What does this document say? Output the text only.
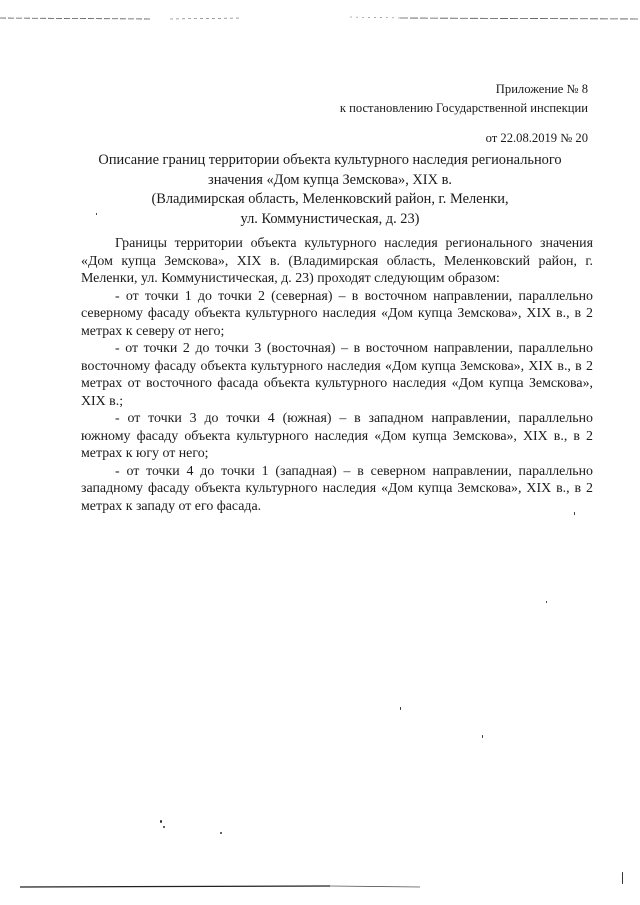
Приложение № 8
к постановлению Государственной инспекции
от 22.08.2019 № 20
Описание границ территории объекта культурного наследия регионального
значения «Дом купца Земскова», XIX в.
(Владимирская область, Меленковский район, г. Меленки,
ул. Коммунистическая, д. 23)

Границы территории объекта культурного наследия регионального значения «Дом купца Земскова», XIX в. (Владимирская область, Меленковский район, г. Меленки, ул. Коммунистическая, д. 23) проходят следующим образом:

- от точки 1 до точки 2 (северная) – в восточном направлении, параллельно северному фасаду объекта культурного наследия «Дом купца Земскова», XIX в., в 2 метрах к северу от него;

- от точки 2 до точки 3 (восточная) – в восточном направлении, параллельно восточному фасаду объекта культурного наследия «Дом купца Земскова», XIX в., в 2 метрах от восточного фасада объекта культурного наследия «Дом купца Земскова», XIX в.;

- от точки 3 до точки 4 (южная) – в западном направлении, параллельно южному фасаду объекта культурного наследия «Дом купца Земскова», XIX в., в 2 метрах к югу от него;

- от точки 4 до точки 1 (западная) – в северном направлении, параллельно западному фасаду объекта культурного наследия «Дом купца Земскова», XIX в., в 2 метрах к западу от его фасада.
